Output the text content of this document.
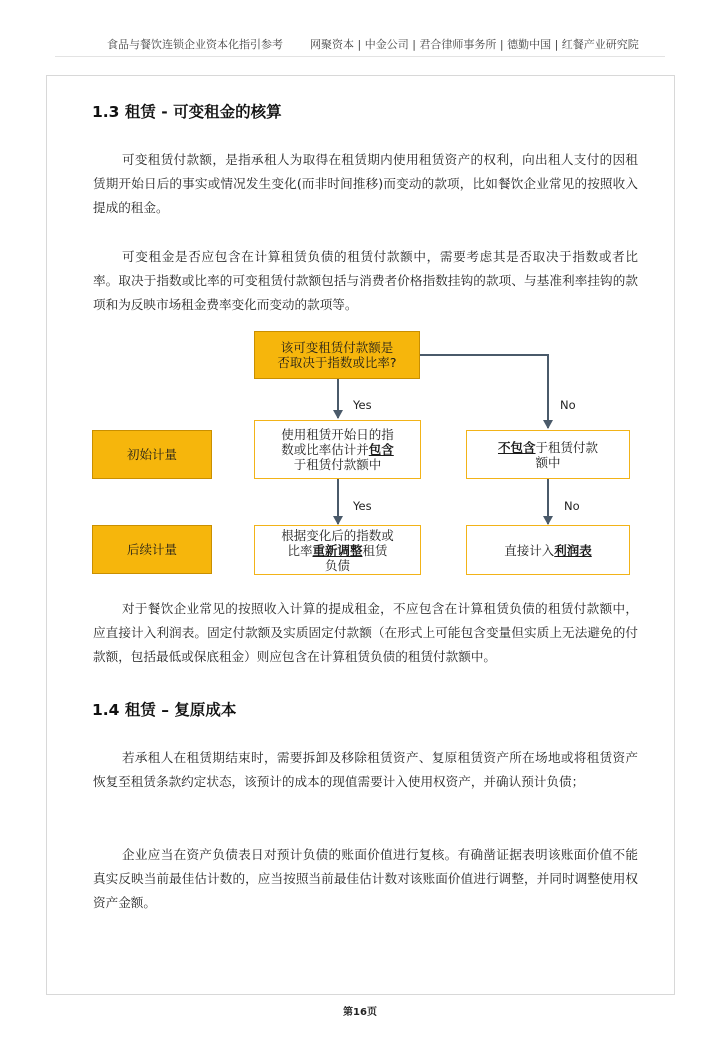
食品与餐饮连锁企业资本化指引参考 网聚资本 | 中金公司 | 君合律师事务所 | 德勤中国 | 红餐产业研究院
1.3 租赁 - 可变租金的核算

可变租赁付款额，是指承租人为取得在租赁期内使用租赁资产的权利，向出租人支付的因租赁期开始日后的事实或情况发生变化(而非时间推移)而变动的款项，比如餐饮企业常见的按照收入提成的租金。

可变租金是否应包含在计算租赁负债的租赁付款额中，需要考虑其是否取决于指数或者比率。取决于指数或比率的可变租赁付款额包括与消费者价格指数挂钩的款项、与基准利率挂钩的款项和为反映市场租金费率变化而变动的款项等。

该可变租赁付款额是
否取决于指数或比率?
初始计量
后续计量
使用租赁开始日的指
数或比率估计并包含
于租赁付款额中
不包含于租赁付款
额中
根据变化后的指数或
比率重新调整租赁
负债
直接计入利润表
Yes	No
Yes	No

对于餐饮企业常见的按照收入计算的提成租金，不应包含在计算租赁负债的租赁付款额中，应直接计入利润表。固定付款额及实质固定付款额（在形式上可能包含变量但实质上无法避免的付款额，包括最低或保底租金）则应包含在计算租赁负债的租赁付款额中。

1.4 租赁 – 复原成本

若承租人在租赁期结束时，需要拆卸及移除租赁资产、复原租赁资产所在场地或将租赁资产恢复至租赁条款约定状态，该预计的成本的现值需要计入使用权资产，并确认预计负债；

企业应当在资产负债表日对预计负债的账面价值进行复核。有确凿证据表明该账面价值不能真实反映当前最佳估计数的，应当按照当前最佳估计数对该账面价值进行调整，并同时调整使用权资产金额。

第16页
